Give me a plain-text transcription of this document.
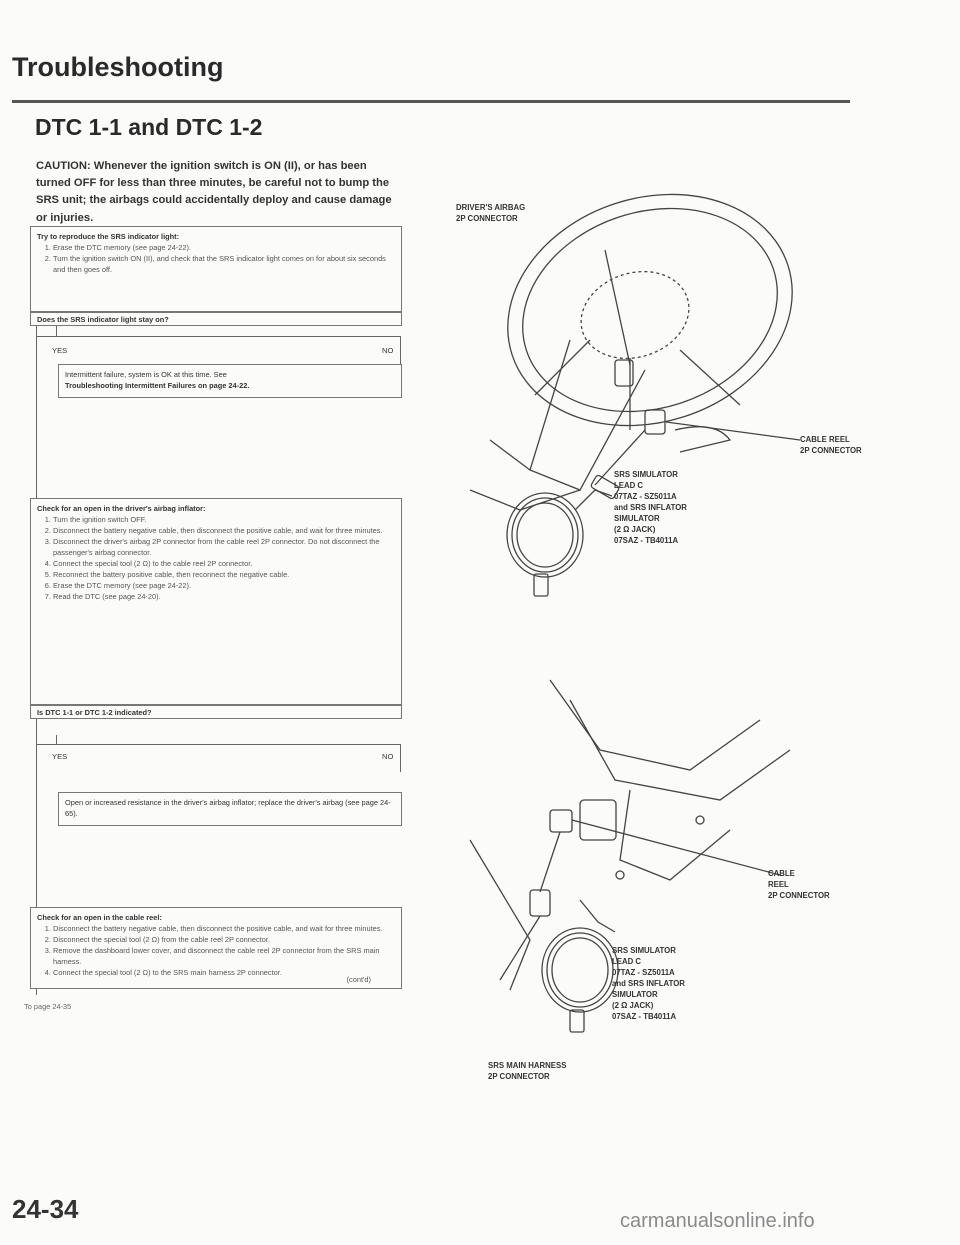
Troubleshooting
DTC 1-1 and DTC 1-2
CAUTION: Whenever the ignition switch is ON (II), or has been turned OFF for less than three minutes, be careful not to bump the SRS unit; the airbags could accidentally deploy and cause damage or injuries.
Try to reproduce the SRS indicator light:
1. Erase the DTC memory (see page 24-22).
2. Turn the ignition switch ON (II), and check that the SRS indicator light comes on for about six seconds and then goes off.
Does the SRS indicator light stay on?
YES	NO
Intermittent failure, system is OK at this time. See
Troubleshooting Intermittent Failures on page 24-22.
Check for an open in the driver's airbag inflator:
1. Turn the ignition switch OFF.
2. Disconnect the battery negative cable, then disconnect the positive cable, and wait for three minutes.
3. Disconnect the driver's airbag 2P connector from the cable reel 2P connector. Do not disconnect the passenger's airbag connector.
4. Connect the special tool (2 Ω) to the cable reel 2P connector.
5. Reconnect the battery positive cable, then reconnect the negative cable.
6. Erase the DTC memory (see page 24-22).
7. Read the DTC (see page 24-20).
Is DTC 1-1 or DTC 1-2 indicated?
YES	NO
Open or increased resistance in the driver's airbag inflator; replace the driver's airbag (see page 24-65).
Check for an open in the cable reel:
1. Disconnect the battery negative cable, then disconnect the positive cable, and wait for three minutes.
2. Disconnect the special tool (2 Ω) from the cable reel 2P connector.
3. Remove the dashboard lower cover, and disconnect the cable reel 2P connector from the SRS main harness.
4. Connect the special tool (2 Ω) to the SRS main harness 2P connector.
(cont'd)
To page 24-35
24-34	carmanualsonline.info
DRIVER'S AIRBAG
2P CONNECTOR
CABLE REEL
2P CONNECTOR
SRS SIMULATOR
LEAD C
07TAZ - SZ5011A
and SRS INFLATOR
SIMULATOR
(2 Ω JACK)
07SAZ - TB4011A
CABLE
REEL
2P CONNECTOR
SRS SIMULATOR
LEAD C
07TAZ - SZ5011A
and SRS INFLATOR
SIMULATOR
(2 Ω JACK)
07SAZ - TB4011A
SRS MAIN HARNESS
2P CONNECTOR
